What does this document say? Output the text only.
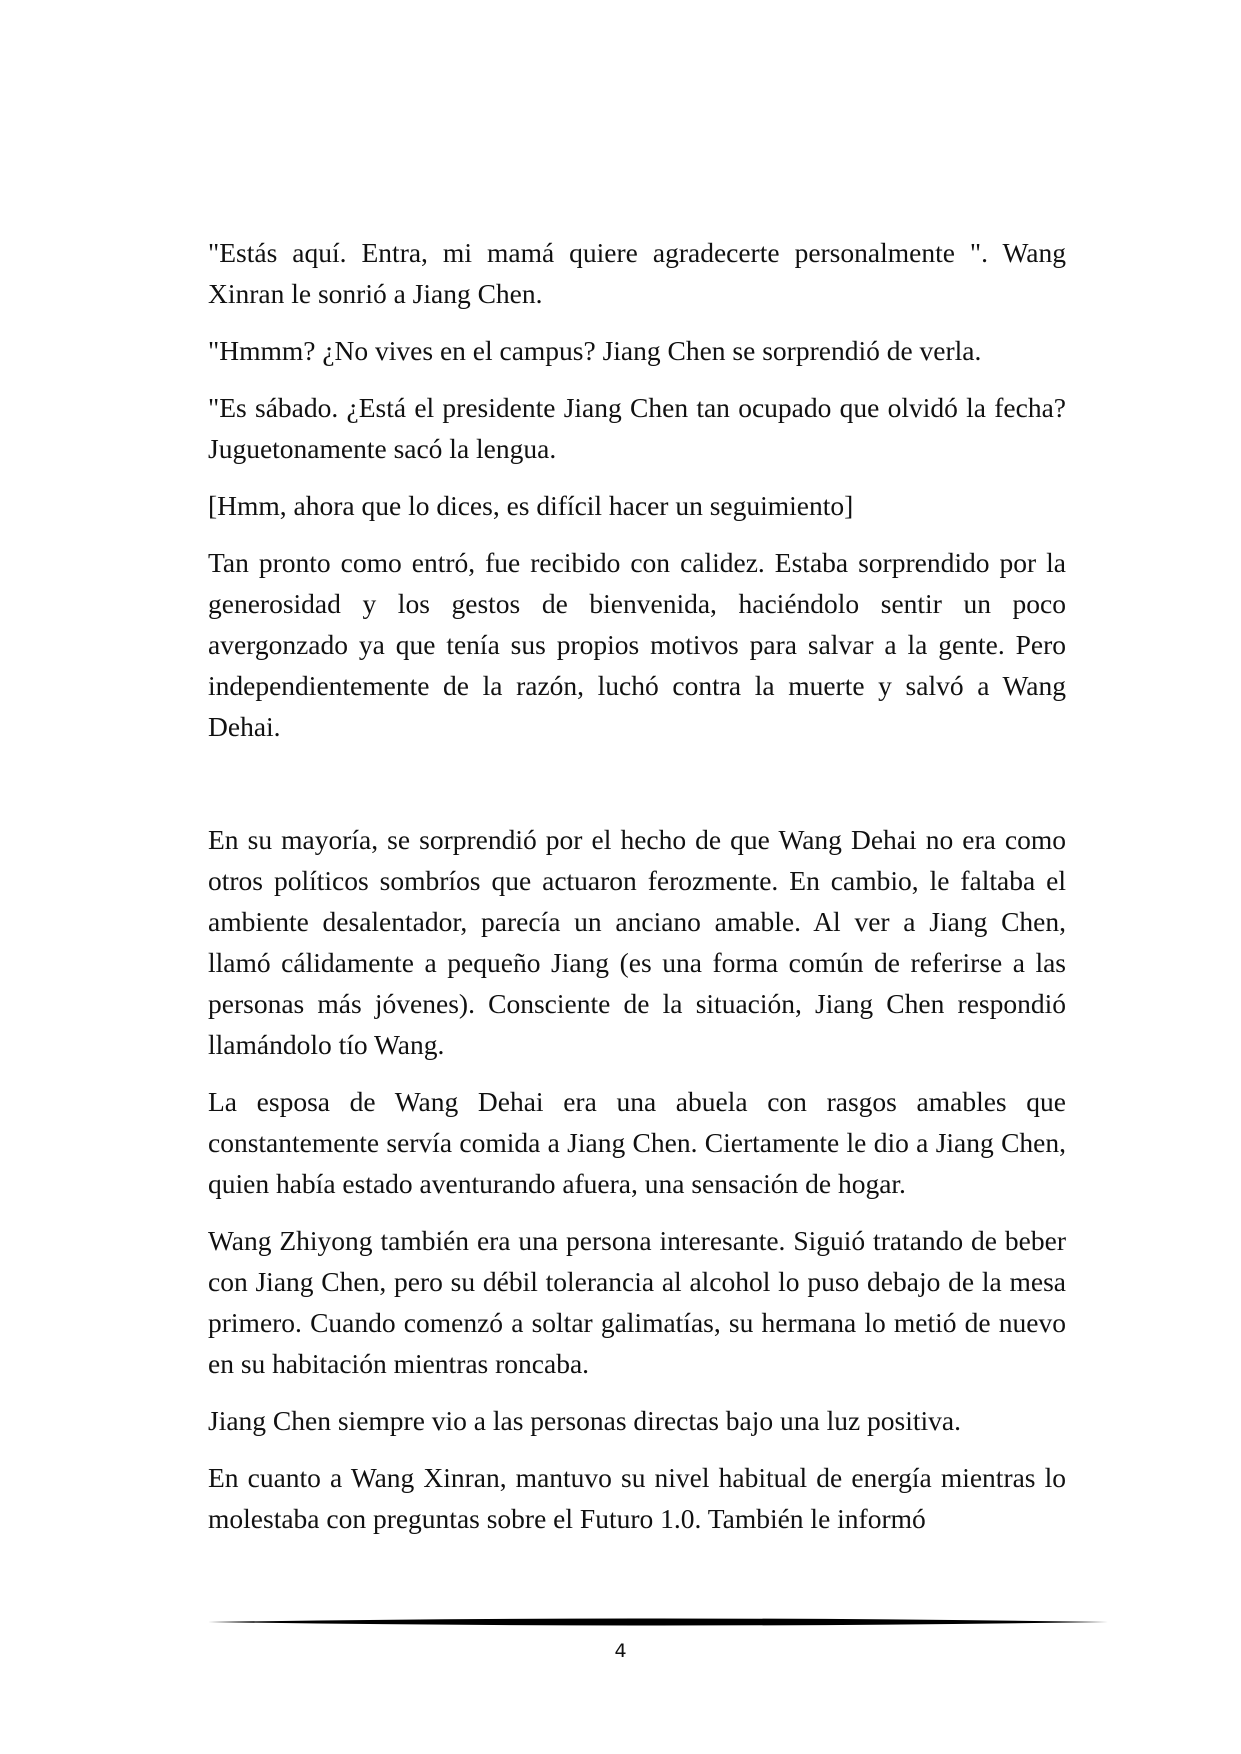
"Estás aquí. Entra, mi mamá quiere agradecerte personalmente ". Wang Xinran le sonrió a Jiang Chen.

"Hmmm? ¿No vives en el campus? Jiang Chen se sorprendió de verla.

"Es sábado. ¿Está el presidente Jiang Chen tan ocupado que olvidó la fecha? Juguetonamente sacó la lengua.

[Hmm, ahora que lo dices, es difícil hacer un seguimiento]

Tan pronto como entró, fue recibido con calidez. Estaba sorprendido por la generosidad y los gestos de bienvenida, haciéndolo sentir un poco avergonzado ya que tenía sus propios motivos para salvar a la gente. Pero independientemente de la razón, luchó contra la muerte y salvó a Wang Dehai.

En su mayoría, se sorprendió por el hecho de que Wang Dehai no era como otros políticos sombríos que actuaron ferozmente. En cambio, le faltaba el ambiente desalentador, parecía un anciano amable. Al ver a Jiang Chen, llamó cálidamente a pequeño Jiang (es una forma común de referirse a las personas más jóvenes). Consciente de la situación, Jiang Chen respondió llamándolo tío Wang.

La esposa de Wang Dehai era una abuela con rasgos amables que constantemente servía comida a Jiang Chen. Ciertamente le dio a Jiang Chen, quien había estado aventurando afuera, una sensación de hogar.

Wang Zhiyong también era una persona interesante. Siguió tratando de beber con Jiang Chen, pero su débil tolerancia al alcohol lo puso debajo de la mesa primero. Cuando comenzó a soltar galimatías, su hermana lo metió de nuevo en su habitación mientras roncaba.

Jiang Chen siempre vio a las personas directas bajo una luz positiva.

En cuanto a Wang Xinran, mantuvo su nivel habitual de energía mientras lo molestaba con preguntas sobre el Futuro 1.0. También le informó

4
